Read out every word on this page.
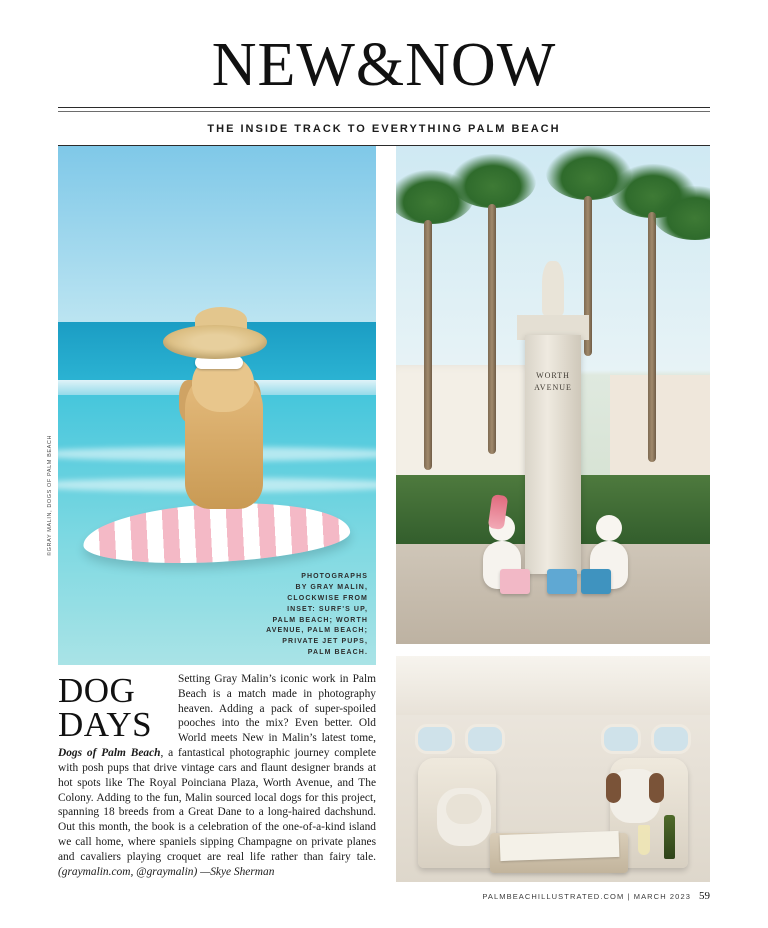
NEW&NOW
THE INSIDE TRACK TO EVERYTHING PALM BEACH
PHOTOGRAPHS
BY GRAY MALIN,
CLOCKWISE FROM
INSET: SURF'S UP,
PALM BEACH; WORTH
AVENUE, PALM BEACH;
PRIVATE JET PUPS,
PALM BEACH.
©GRAY MALIN, DOGS OF PALM BEACH
WORTH
AVENUE
DOG
DAYS
Setting Gray Malin’s iconic work in Palm Beach is a match made in photography heaven. Adding a pack of super-spoiled pooches into the mix? Even better. Old World meets New in Malin’s latest tome, Dogs of Palm Beach, a fantastical photographic journey complete with posh pups that drive vintage cars and flaunt designer brands at hot spots like The Royal Poinciana Plaza, Worth Avenue, and The Colony. Adding to the fun, Malin sourced local dogs for this project, spanning 18 breeds from a Great Dane to a long-haired dachshund. Out this month, the book is a celebration of the one-of-a-kind island we call home, where spaniels sipping Champagne on private planes and cavaliers playing croquet are real life rather than fairy tale. (graymalin.com, @graymalin) —Skye Sherman
PALMBEACHILLUSTRATED.COM | MARCH 2023 59
